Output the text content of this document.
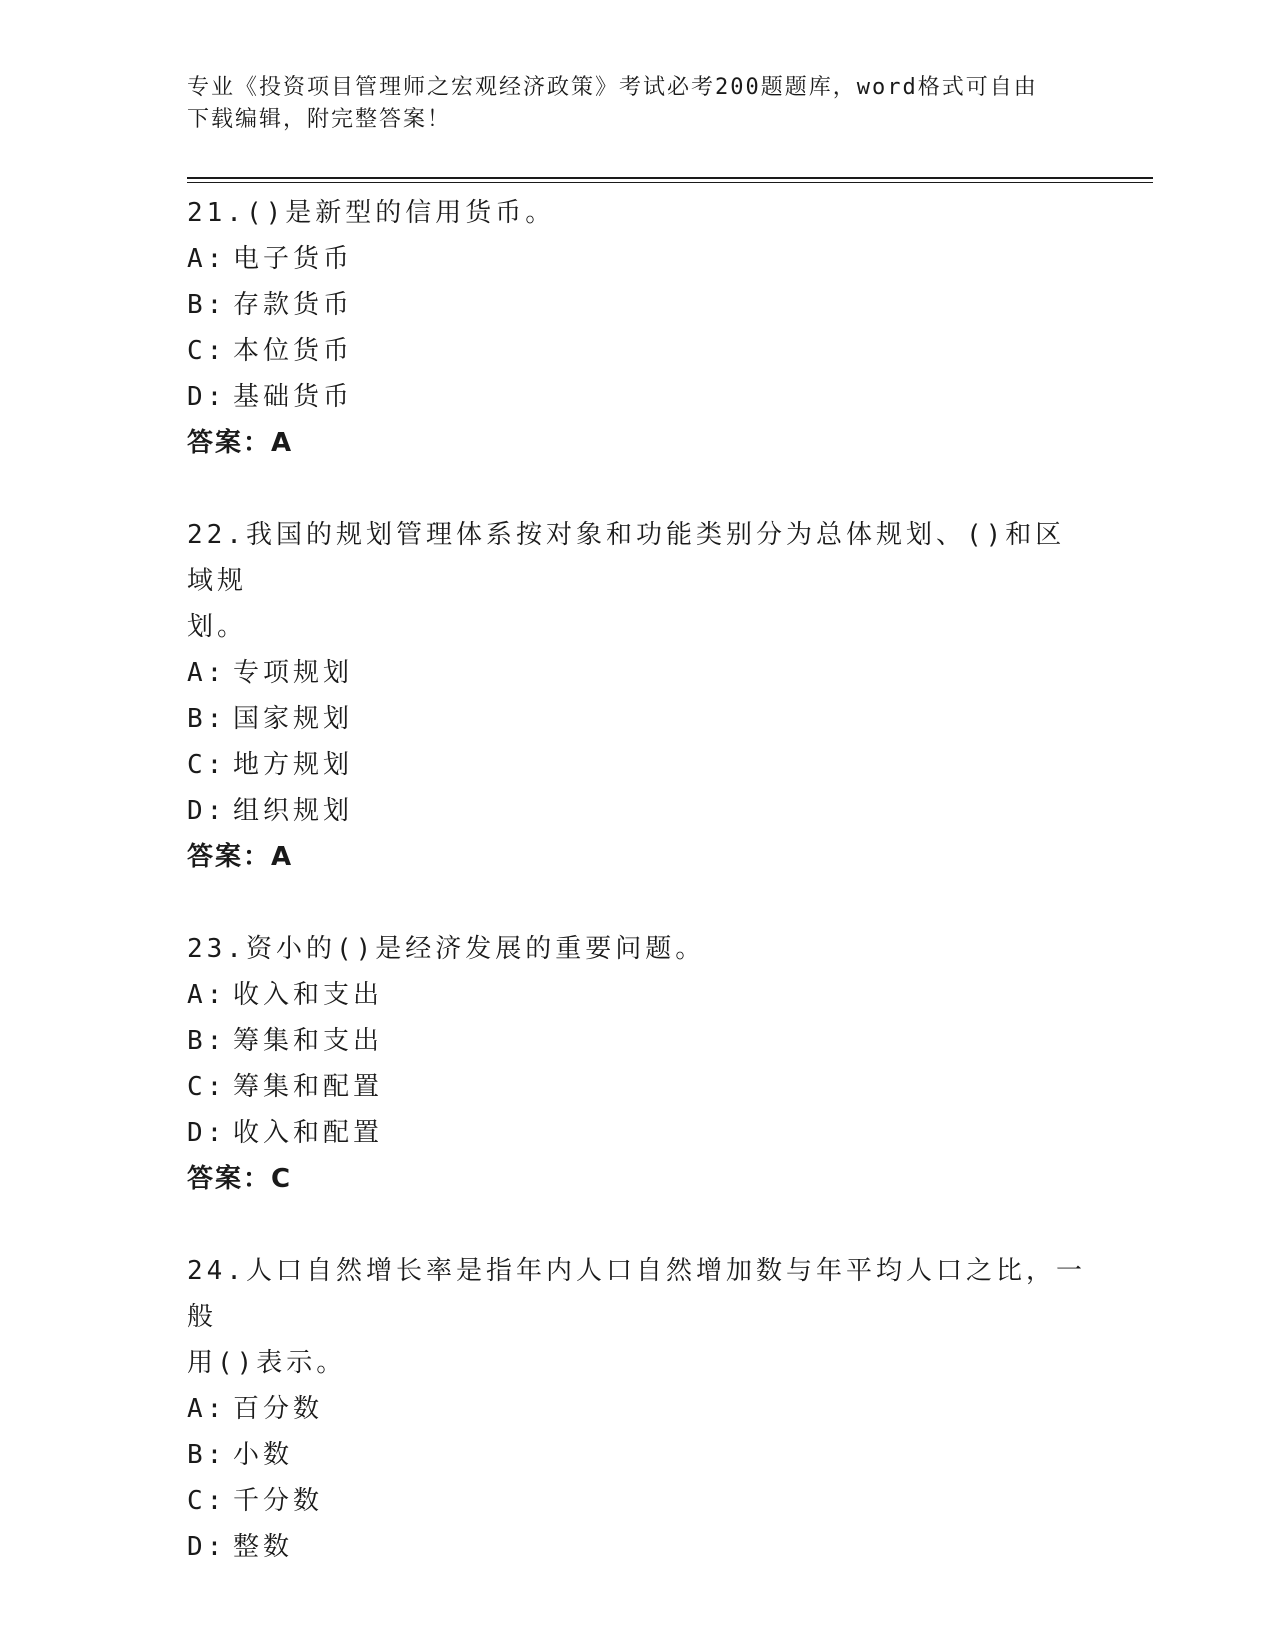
专业《投资项目管理师之宏观经济政策》考试必考200题题库，word格式可自由
下载编辑，附完整答案！
21.()是新型的信用货币。
A: 电子货币
B: 存款货币
C: 本位货币
D: 基础货币
答案：A
22.我国的规划管理体系按对象和功能类别分为总体规划、()和区域规
划。
A: 专项规划
B: 国家规划
C: 地方规划
D: 组织规划
答案：A
23.资小的()是经济发展的重要问题。
A: 收入和支出
B: 筹集和支出
C: 筹集和配置
D: 收入和配置
答案：C
24.人口自然增长率是指年内人口自然增加数与年平均人口之比，一般
用()表示。
A: 百分数
B: 小数
C: 千分数
D: 整数
